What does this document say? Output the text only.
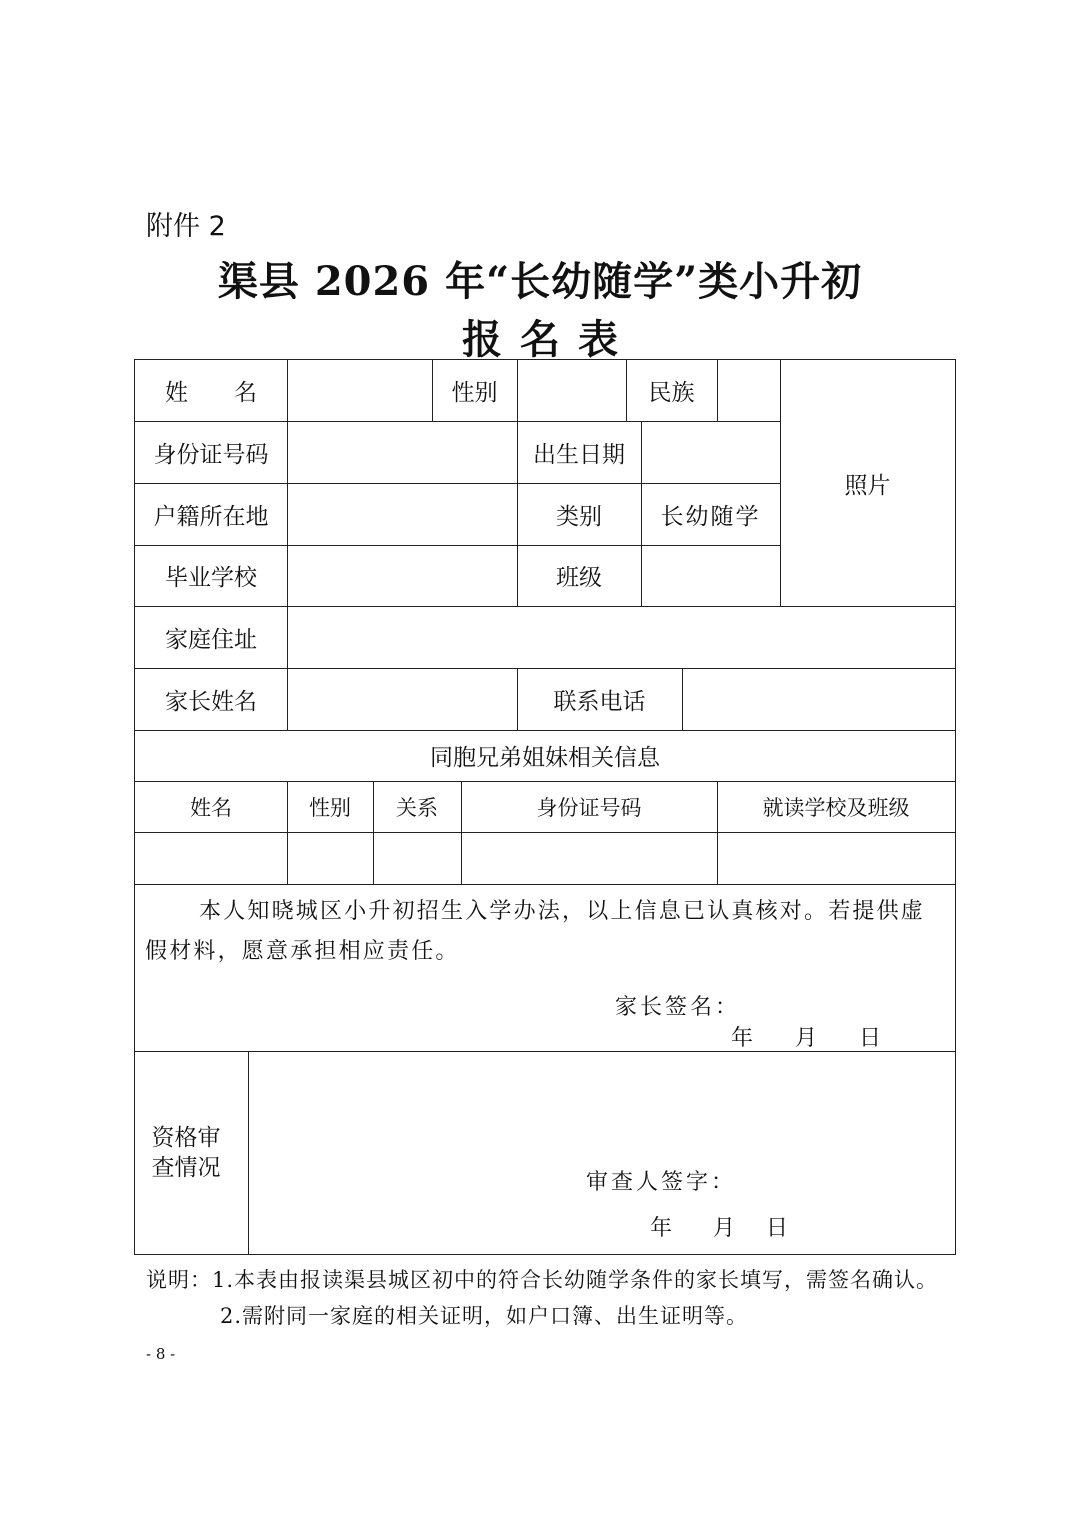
附件 2
渠县 2026 年“长幼随学”类小升初
报名表
姓　　名	性别	民族
照片
身份证号码	出生日期
户籍所在地	类别	长幼随学
毕业学校	班级
家庭住址
家长姓名	联系电话
同胞兄弟姐妹相关信息
姓名	性别	关系	身份证号码	就读学校及班级
本人知晓城区小升初招生入学办法，以上信息已认真核对。若提供虚假材料，愿意承担相应责任。
家长签名：
年 月 日
资格审查情况
审查人签字：
年 月 日
说明：1.本表由报读渠县城区初中的符合长幼随学条件的家长填写，需签名确认。
2.需附同一家庭的相关证明，如户口簿、出生证明等。
- 8 -
